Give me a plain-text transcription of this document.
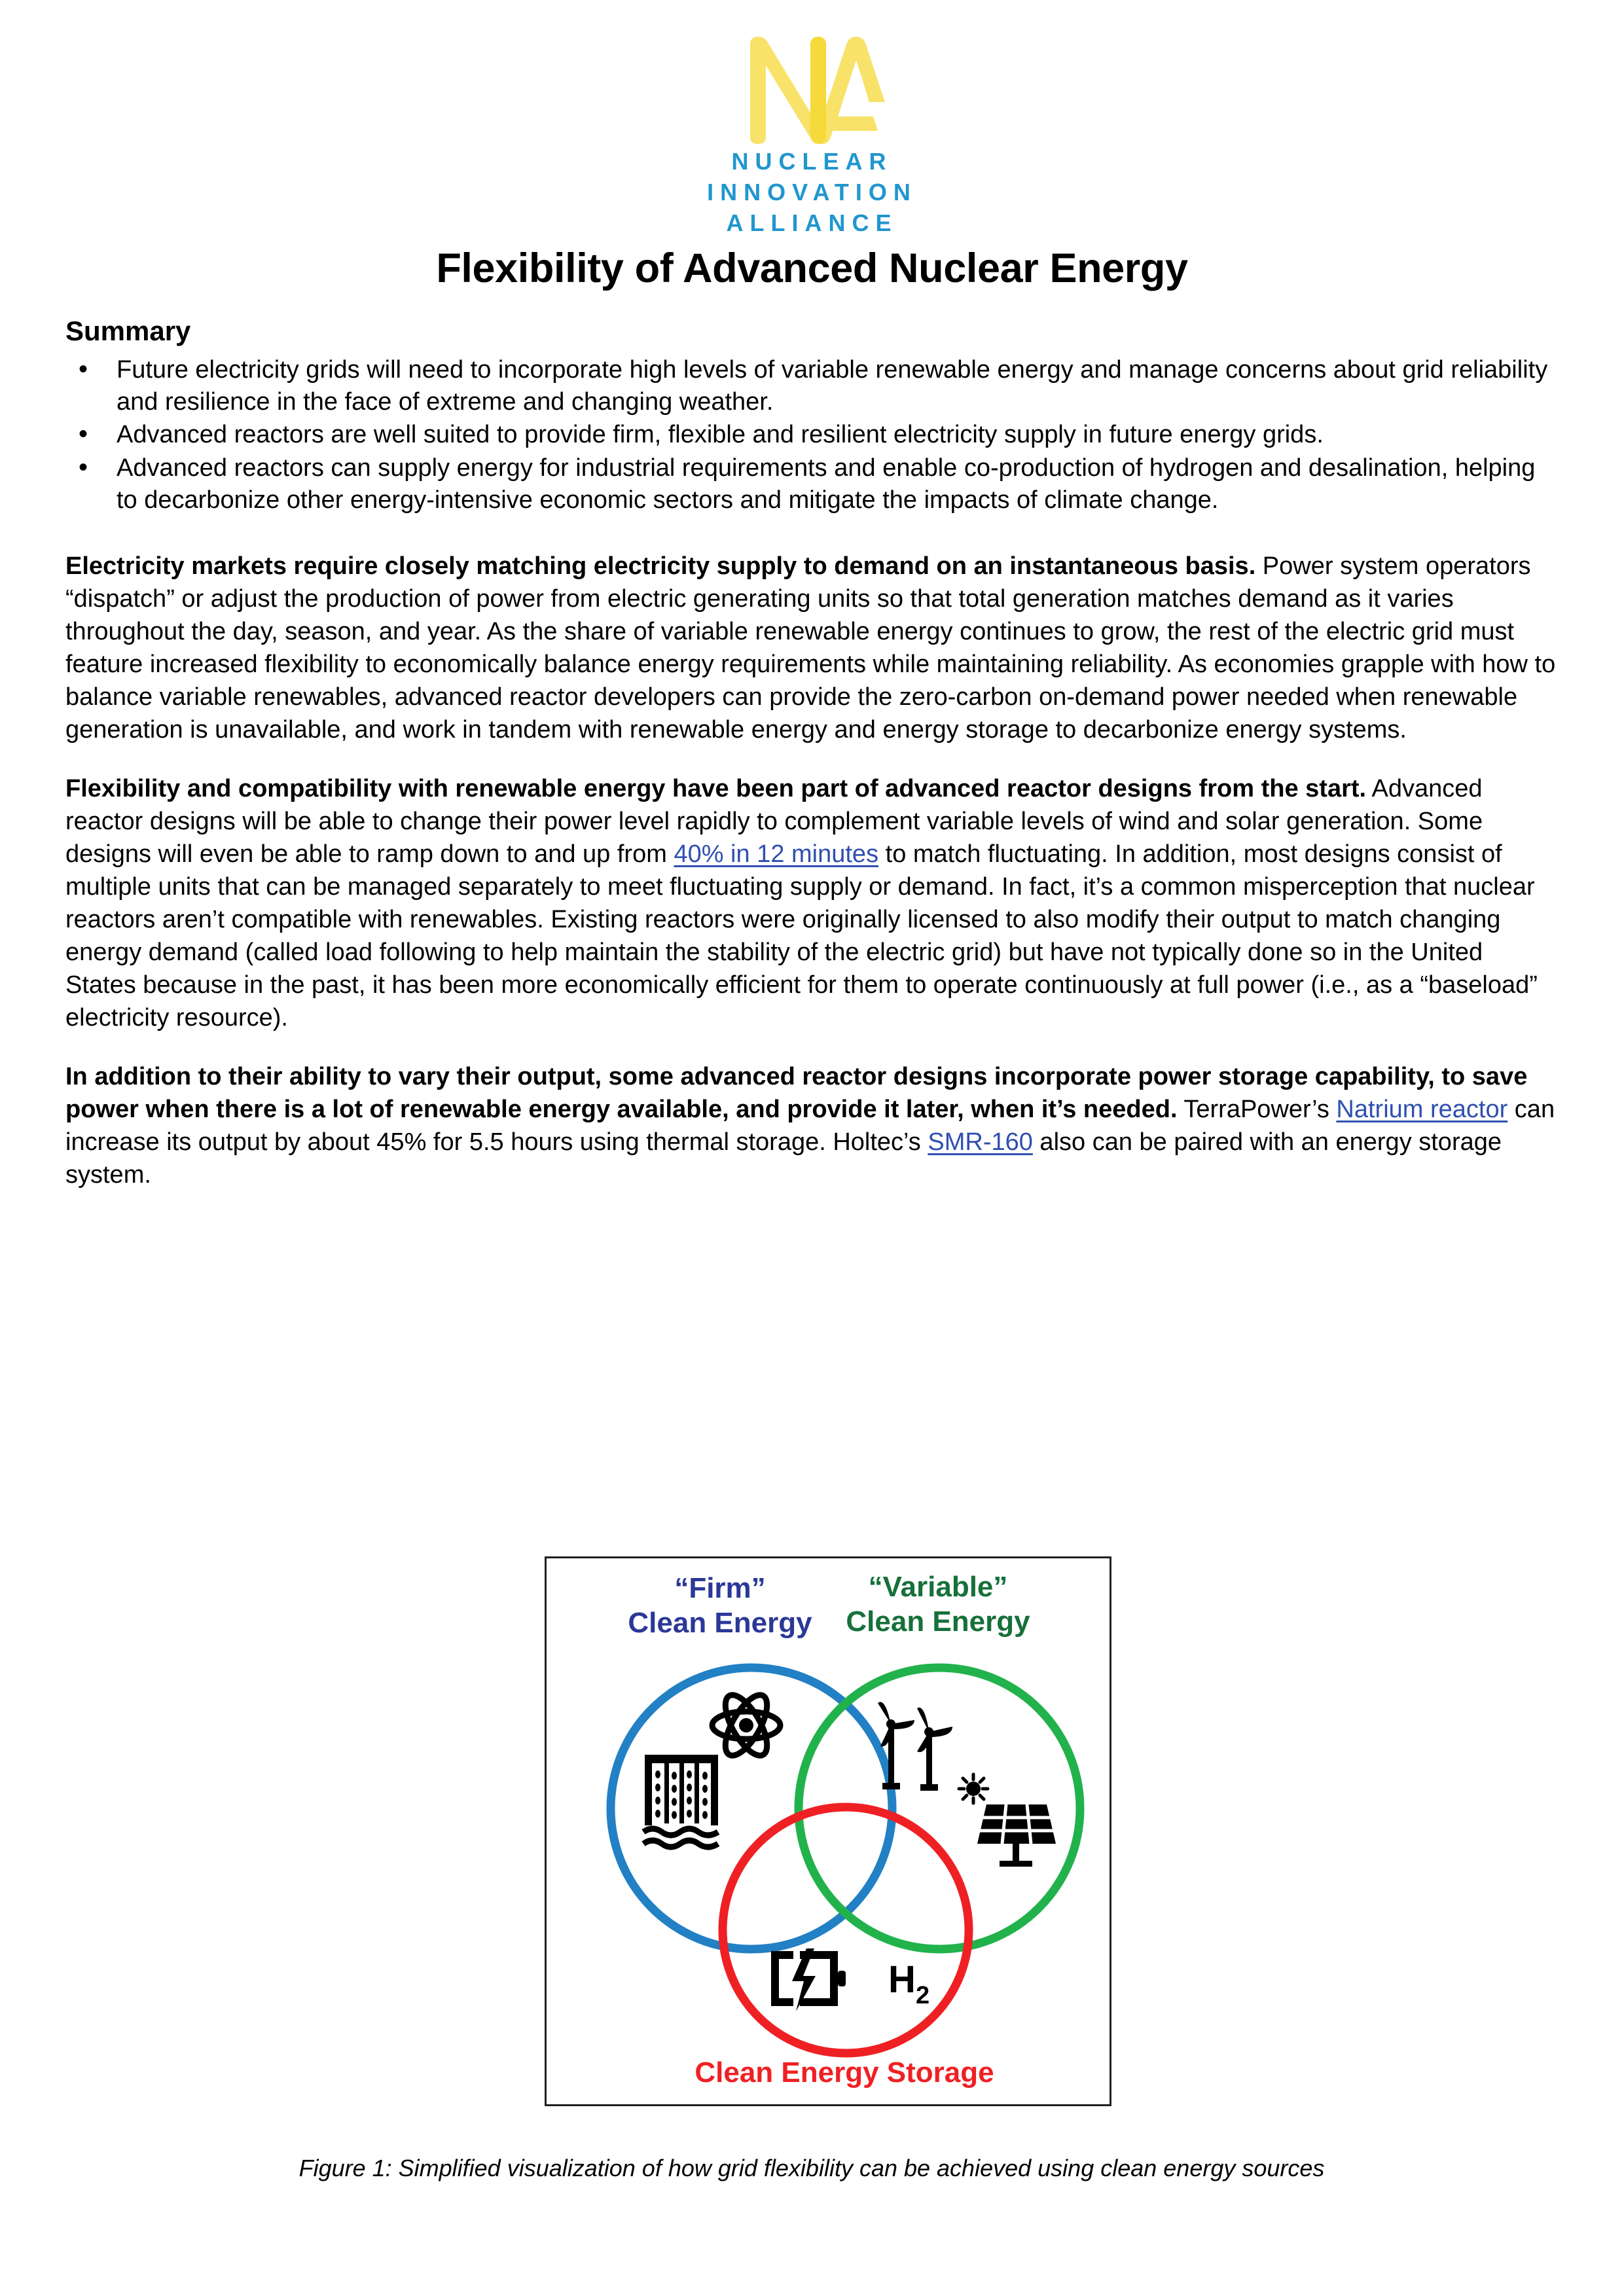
NUCLEAR
INNOVATION
ALLIANCE
Flexibility of Advanced Nuclear Energy
Summary
• Future electricity grids will need to incorporate high levels of variable renewable energy and manage concerns about grid reliability and resilience in the face of extreme and changing weather.
• Advanced reactors are well suited to provide firm, flexible and resilient electricity supply in future energy grids.
• Advanced reactors can supply energy for industrial requirements and enable co-production of hydrogen and desalination, helping to decarbonize other energy-intensive economic sectors and mitigate the impacts of climate change.

Electricity markets require closely matching electricity supply to demand on an instantaneous basis. Power system operators “dispatch” or adjust the production of power from electric generating units so that total generation matches demand as it varies throughout the day, season, and year. As the share of variable renewable energy continues to grow, the rest of the electric grid must feature increased flexibility to economically balance energy requirements while maintaining reliability. As economies grapple with how to balance variable renewables, advanced reactor developers can provide the zero-carbon on-demand power needed when renewable generation is unavailable, and work in tandem with renewable energy and energy storage to decarbonize energy systems.

Flexibility and compatibility with renewable energy have been part of advanced reactor designs from the start. Advanced reactor designs will be able to change their power level rapidly to complement variable levels of wind and solar generation. Some designs will even be able to ramp down to and up from 40% in 12 minutes to match fluctuating. In addition, most designs consist of multiple units that can be managed separately to meet fluctuating supply or demand. In fact, it’s a common misperception that nuclear reactors aren’t compatible with renewables. Existing reactors were originally licensed to also modify their output to match changing energy demand (called load following to help maintain the stability of the electric grid) but have not typically done so in the United States because in the past, it has been more economically efficient for them to operate continuously at full power (i.e., as a “baseload” electricity resource).

In addition to their ability to vary their output, some advanced reactor designs incorporate power storage capability, to save power when there is a lot of renewable energy available, and provide it later, when it’s needed. TerraPower’s Natrium reactor can increase its output by about 45% for 5.5 hours using thermal storage. Holtec’s SMR-160 also can be paired with an energy storage system.

“Firm”
Clean Energy
“Variable”
Clean Energy
H 2
Clean Energy Storage
Figure 1: Simplified visualization of how grid flexibility can be achieved using clean energy sources
